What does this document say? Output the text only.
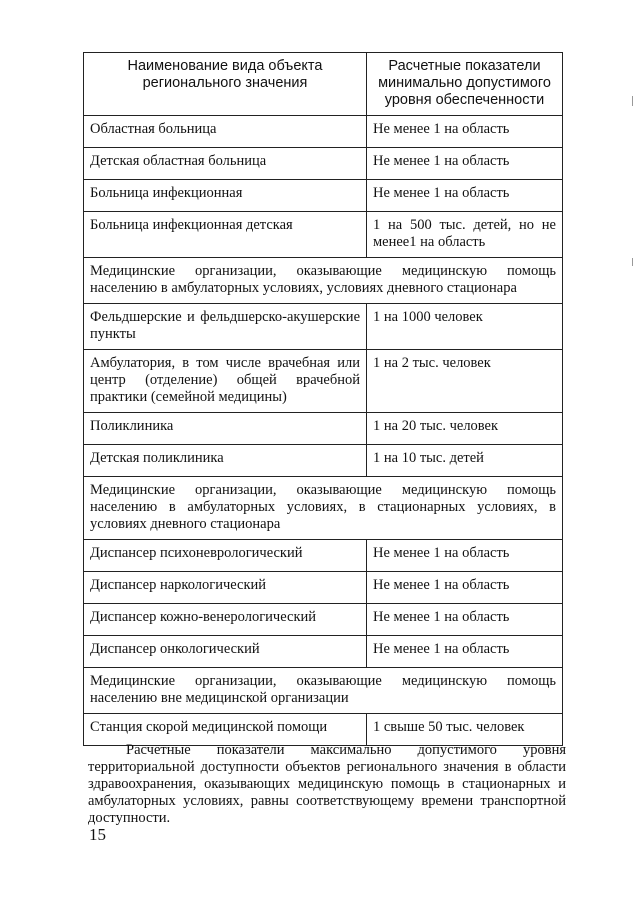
Наименование вида объекта регионального значения	Расчетные показатели минимально допустимого уровня обеспеченности
Областная больница	Не менее 1 на область
Детская областная больница	Не менее 1 на область
Больница инфекционная	Не менее 1 на область
Больница инфекционная детская	1 на 500 тыс. детей, но не менее1 на область
Медицинские организации, оказывающие медицинскую помощь населению в амбулаторных условиях, условиях дневного стационара	
Фельдшерские и фельдшерско-акушерские пункты	1 на 1000 человек
Амбулатория, в том числе врачебная или центр (отделение) общей врачебной практики (семейной медицины)	1 на 2 тыс. человек
Поликлиника	1 на 20 тыс. человек
Детская поликлиника	1 на 10 тыс. детей
Медицинские организации, оказывающие медицинскую помощь населению в амбулаторных условиях, в стационарных условиях, в условиях дневного стационара	
Диспансер психоневрологический	Не менее 1 на область
Диспансер наркологический	Не менее 1 на область
Диспансер кожно-венерологический	Не менее 1 на область
Диспансер онкологический	Не менее 1 на область
Медицинские организации, оказывающие медицинскую помощь населению вне медицинской организации	
Станция скорой медицинской помощи	1 свыше 50 тыс. человек
Расчетные показатели максимально допустимого уровня территориальной доступности объектов регионального значения в области здравоохранения, оказывающих медицинскую помощь в стационарных и амбулаторных условиях, равны соответствующему времени транспортной доступности.
15
